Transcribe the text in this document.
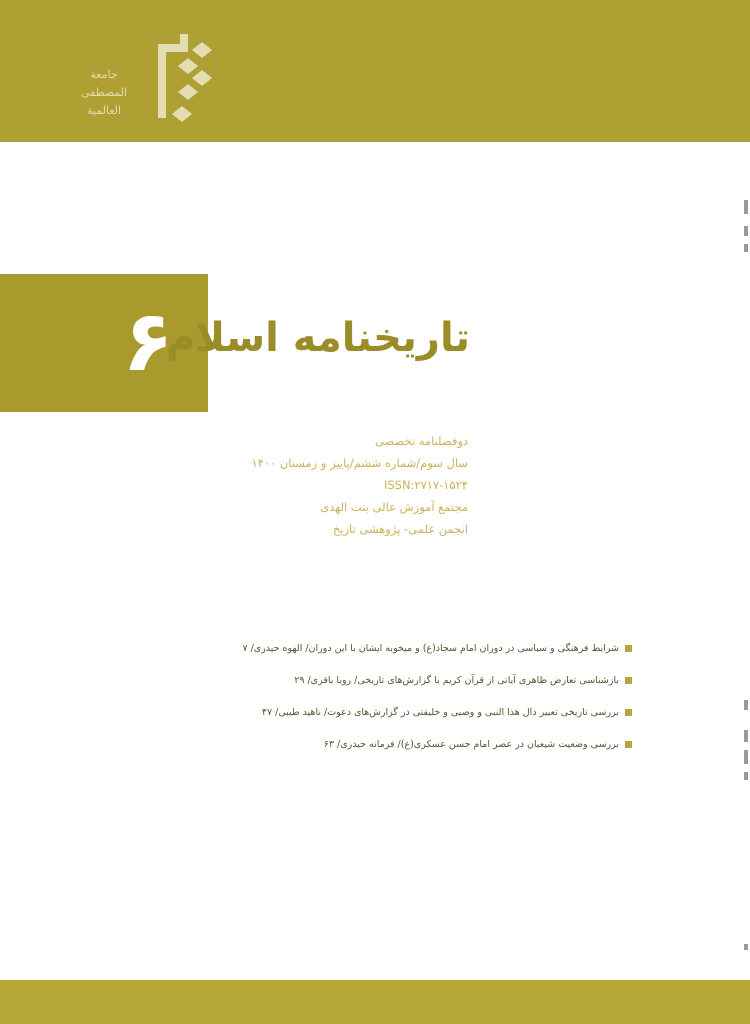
جامعة
المصطفى
العالمية
۶
تاریخنامه اسلام
دوفصلنامه تخصصی
سال سوم/شماره ششم/پاییز و زمستان ۱۴۰۰
ISSN:۲۷۱۷-۱۵۲۴
مجتمع آموزش عالی بنت الهدی
انجمن علمی- پژوهشی تاریخ
شرایط فرهنگی و سیاسی در دوران امام سجاد(ع) و میخوبه ایشان با این دوران/ الهوه حیدری/ ۷
بازشناسی تعارض ظاهری آیاتی از قرآن کریم با گزارش‌های تاریخی/ رویا باقری/ ۲۹
بررسی تاریخی تعبیر دال هذا النبی و وصیی و خلیفتی در گزارش‌های دعوت/ ناهید طیبی/ ۴۷
بررسی وضعیت شیعیان در عصر امام حسن عسکری(ع)/ فرمانه حیدری/ ۶۳
